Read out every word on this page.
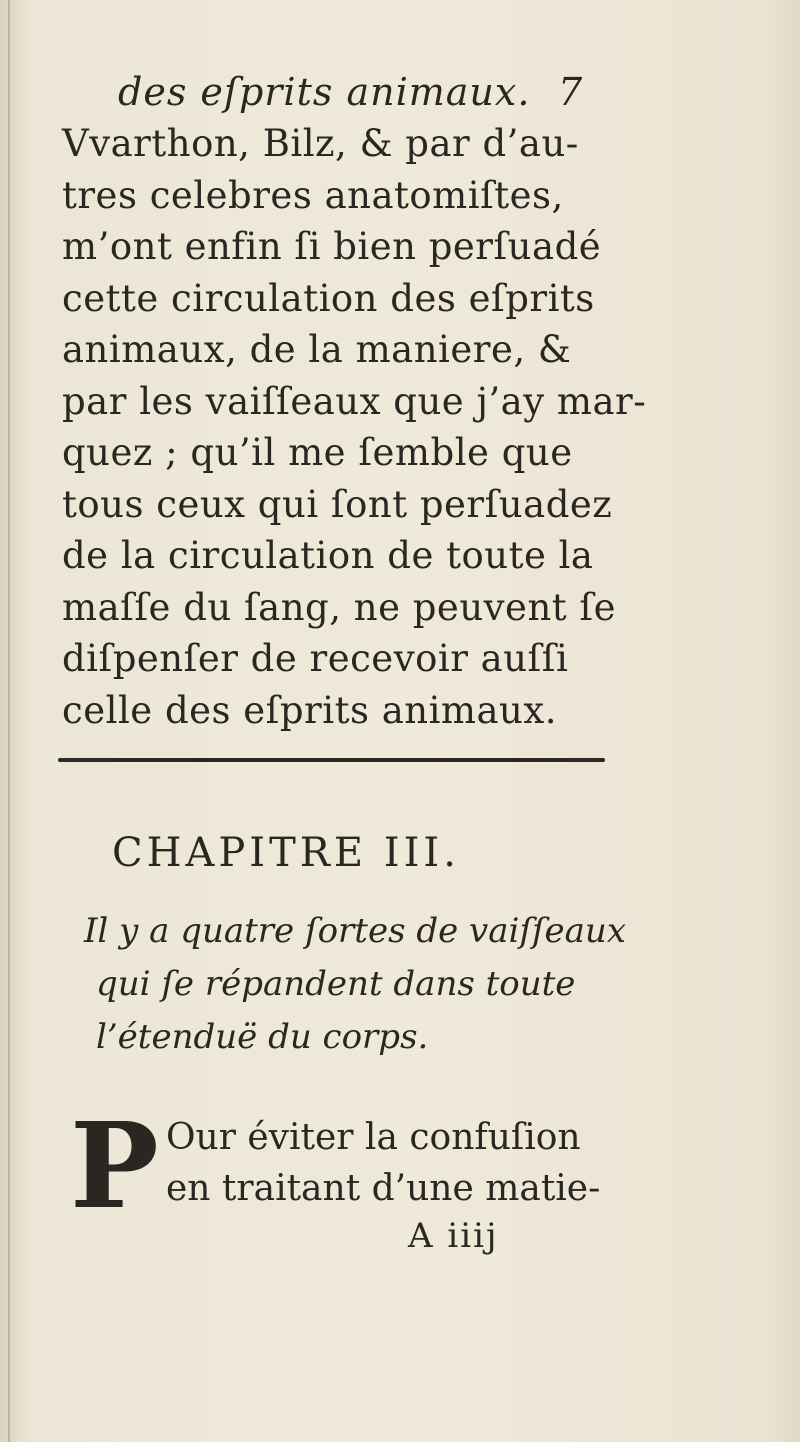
des eſprits animaux. 7
Vvarthon, Bilz, & par d’au-
tres celebres anatomiſtes,
m’ont enfin ſi bien perſuadé
cette circulation des eſprits
animaux, de la maniere, &
par les vaiſſeaux que j’ay mar-
quez ; qu’il me ſemble que
tous ceux qui ſont perſuadez
de la circulation de toute la
maſſe du ſang, ne peuvent ſe
diſpenſer de recevoir auſſi
celle des eſprits animaux.
CHAPITRE III.
Il y a quatre ſortes de vaiſſeaux
qui ſe répandent dans toute
l’étenduë du corps.
P Our éviter la confuſion
en traitant d’une matie-
A iiij
